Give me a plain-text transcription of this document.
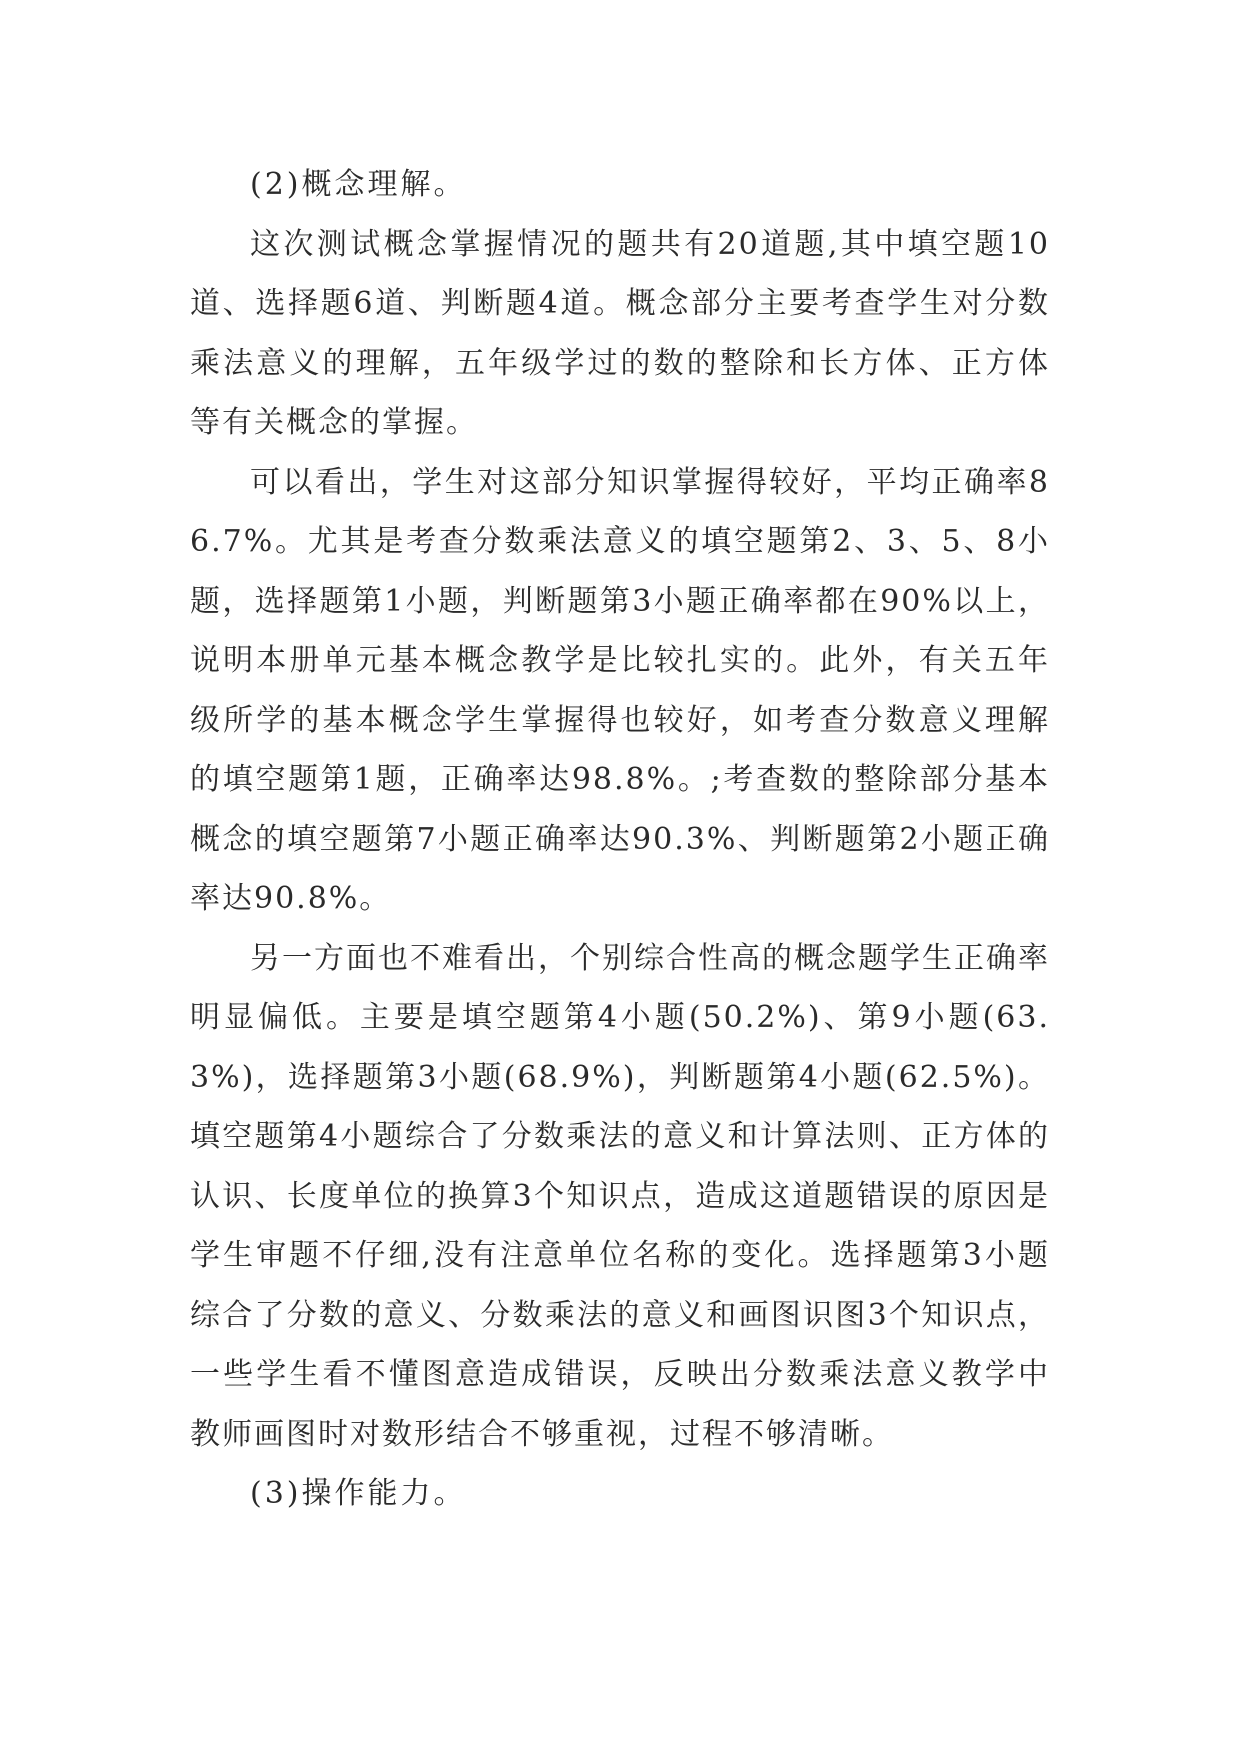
(2)概念理解。

这次测试概念掌握情况的题共有20道题,其中填空题10道、选择题6道、判断题4道。概念部分主要考查学生对分数乘法意义的理解，五年级学过的数的整除和长方体、正方体等有关概念的掌握。

可以看出，学生对这部分知识掌握得较好，平均正确率86.7%。尤其是考查分数乘法意义的填空题第2、3、5、8小题，选择题第1小题，判断题第3小题正确率都在90%以上，说明本册单元基本概念教学是比较扎实的。此外，有关五年级所学的基本概念学生掌握得也较好，如考查分数意义理解的填空题第1题，正确率达98.8%。;考查数的整除部分基本概念的填空题第7小题正确率达90.3%、判断题第2小题正确率达90.8%。

另一方面也不难看出，个别综合性高的概念题学生正确率明显偏低。主要是填空题第4小题(50.2%)、第9小题(63.3%)，选择题第3小题(68.9%)，判断题第4小题(62.5%)。填空题第4小题综合了分数乘法的意义和计算法则、正方体的认识、长度单位的换算3个知识点，造成这道题错误的原因是学生审题不仔细,没有注意单位名称的变化。选择题第3小题综合了分数的意义、分数乘法的意义和画图识图3个知识点，一些学生看不懂图意造成错误，反映出分数乘法意义教学中教师画图时对数形结合不够重视，过程不够清晰。

(3)操作能力。
